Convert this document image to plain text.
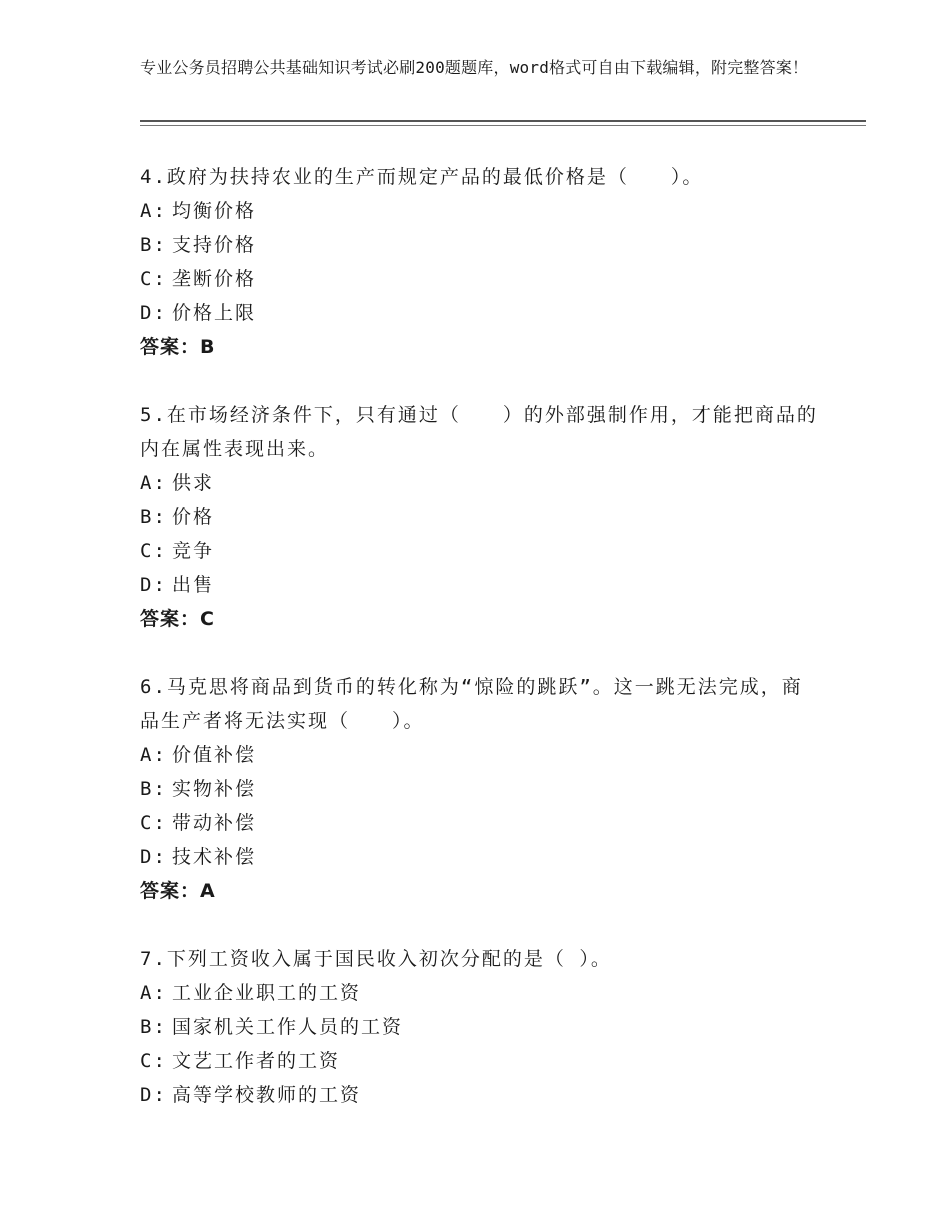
专业公务员招聘公共基础知识考试必刷200题题库，word格式可自由下载编辑，附完整答案！

4.政府为扶持农业的生产而规定产品的最低价格是（　　）。

A: 均衡价格

B: 支持价格

C: 垄断价格

D: 价格上限

答案：B

5.在市场经济条件下，只有通过（　　）的外部强制作用，才能把商品的内在属性表现出来。

A: 供求

B: 价格

C: 竞争

D: 出售

答案：C

6.马克思将商品到货币的转化称为“惊险的跳跃”。这一跳无法完成，商品生产者将无法实现（　　）。

A: 价值补偿

B: 实物补偿

C: 带动补偿

D: 技术补偿

答案：A

7.下列工资收入属于国民收入初次分配的是（ ）。

A: 工业企业职工的工资

B: 国家机关工作人员的工资

C: 文艺工作者的工资

D: 高等学校教师的工资
